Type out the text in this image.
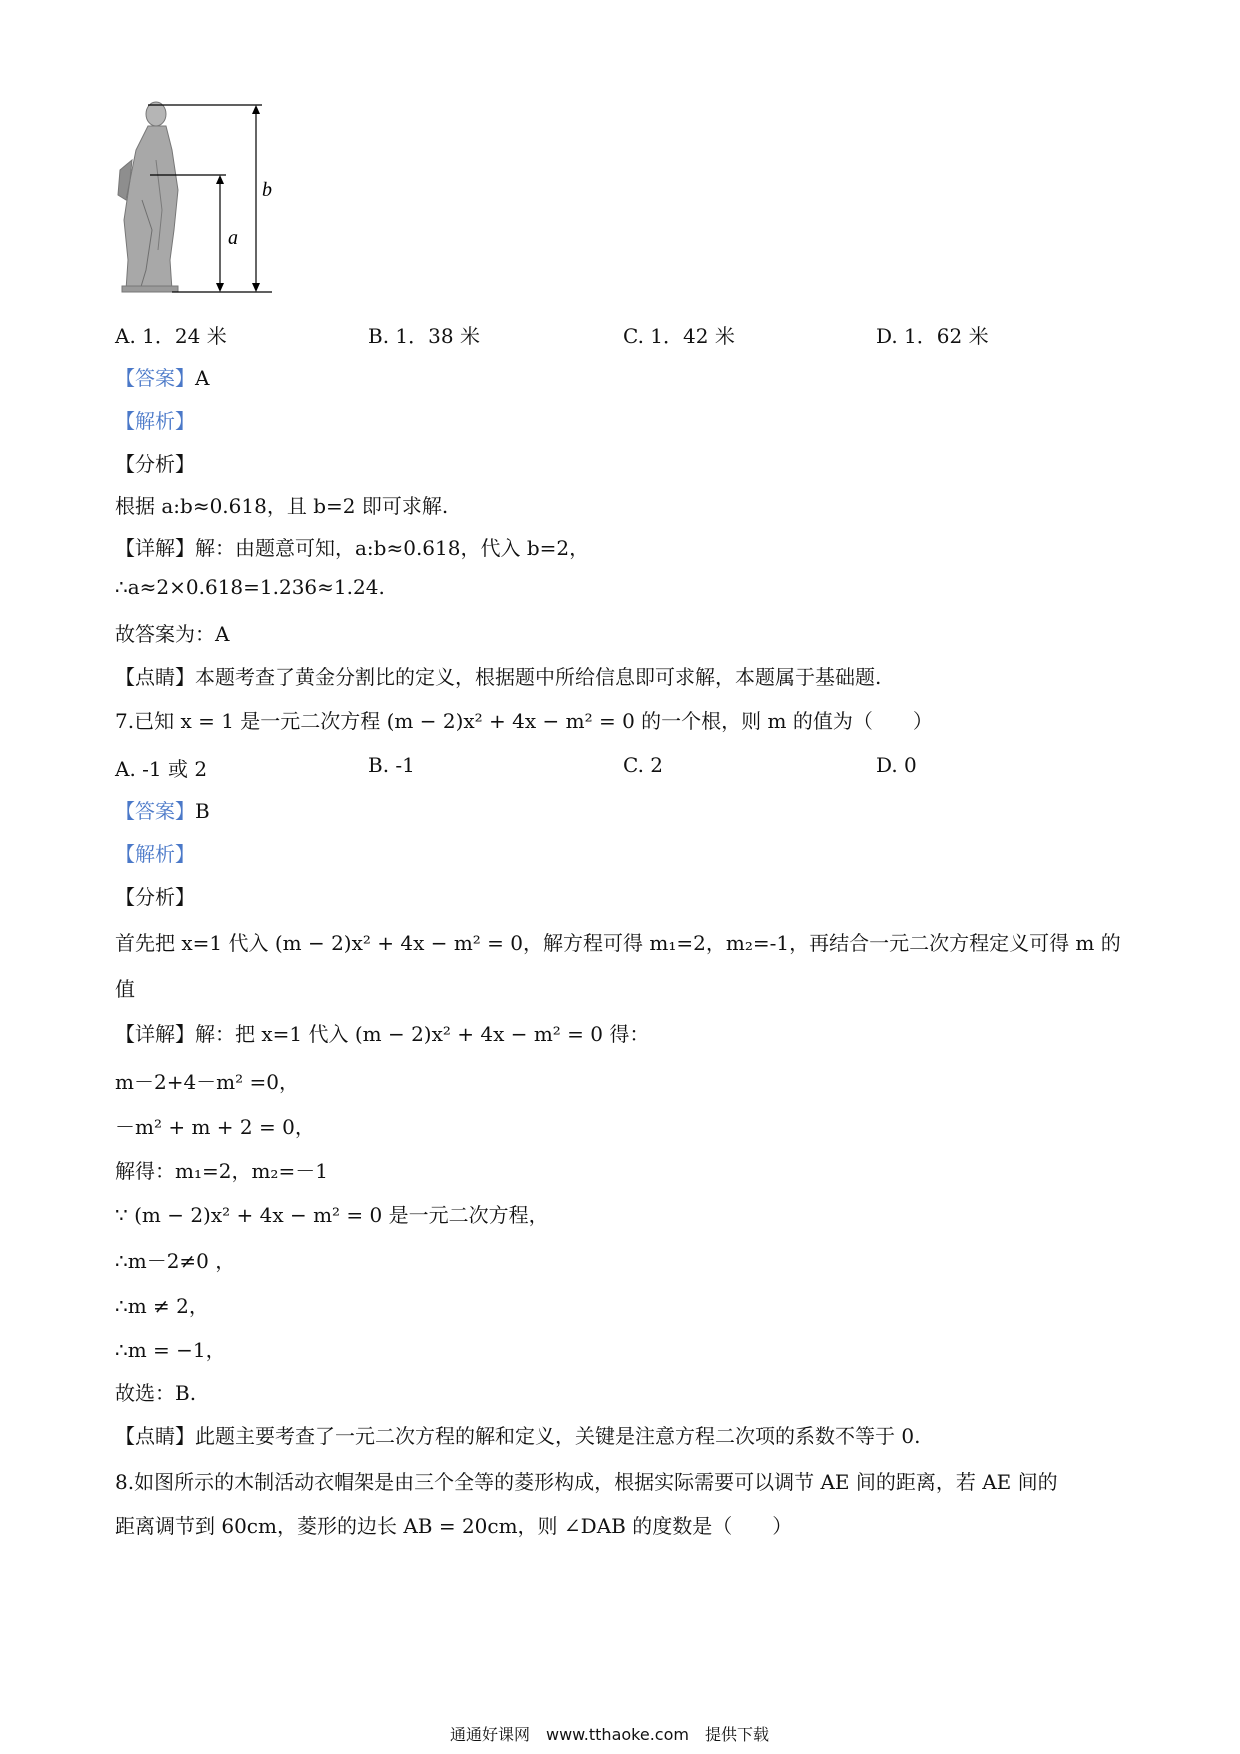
b
a
A. 1．24 米	B. 1．38 米	C. 1．42 米	D. 1．62 米
【答案】A
【解析】
【分析】
根据 a:b≈0.618，且 b=2 即可求解.
【详解】解：由题意可知，a:b≈0.618，代入 b=2，
∴a≈2×0.618=1.236≈1.24.
故答案为：A
【点睛】本题考查了黄金分割比的定义，根据题中所给信息即可求解，本题属于基础题.
7.已知 x = 1 是一元二次方程 (m − 2)x² + 4x − m² = 0 的一个根，则 m 的值为（　　）
A. -1 或 2	B. -1	C. 2	D. 0
【答案】B
【解析】
【分析】
首先把 x=1 代入 (m − 2)x² + 4x − m² = 0，解方程可得 m₁=2，m₂=-1，再结合一元二次方程定义可得 m 的
值
【详解】解：把 x=1 代入 (m − 2)x² + 4x − m² = 0 得：
m－2+4－m² =0，
－m² + m + 2 = 0，
解得：m₁=2，m₂=－1
∵ (m − 2)x² + 4x − m² = 0 是一元二次方程，
∴m－2≠0 ，
∴m ≠ 2，
∴m = −1，
故选：B.
【点睛】此题主要考查了一元二次方程的解和定义，关键是注意方程二次项的系数不等于 0.
8.如图所示的木制活动衣帽架是由三个全等的菱形构成，根据实际需要可以调节 AE 间的距离，若 AE 间的
距离调节到 60cm，菱形的边长 AB = 20cm，则 ∠DAB 的度数是（　　）
通通好课网　www.tthaoke.com　提供下载
